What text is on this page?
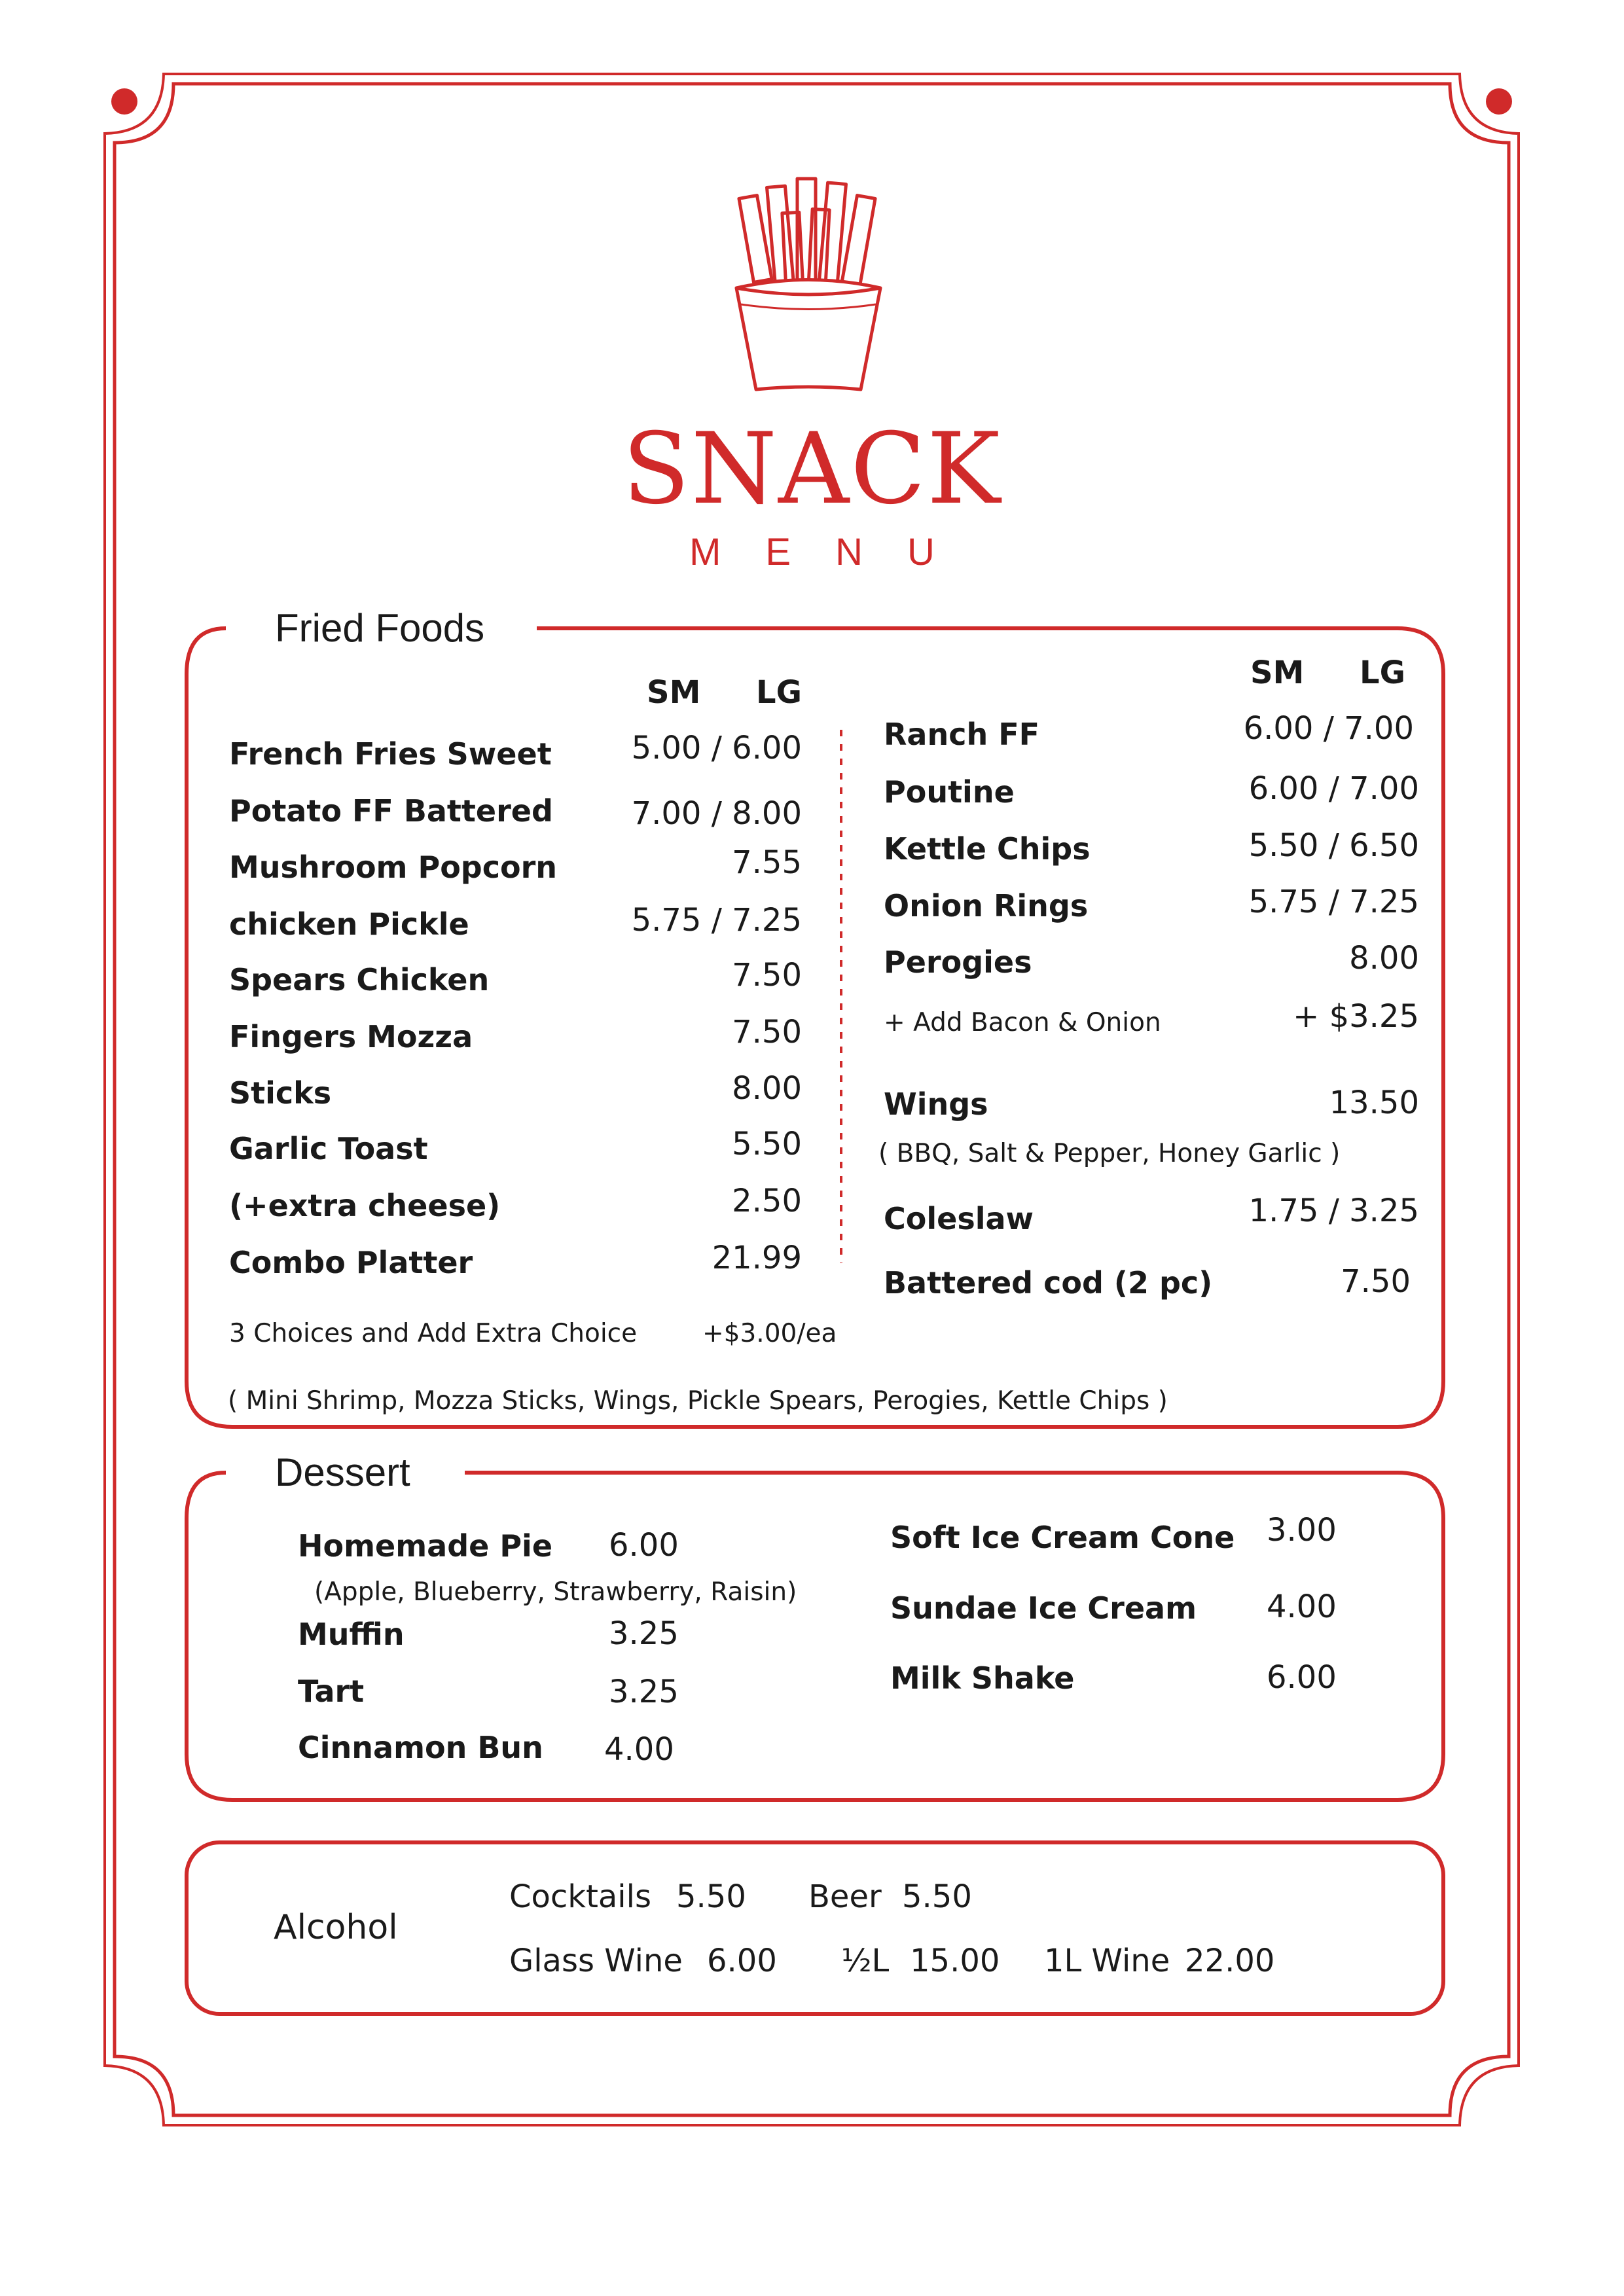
SNACK
MENU
Fried Foods
SM LG
SM LG
French Fries Sweet	5.00 / 6.00
Potato FF Battered	7.00 / 8.00
Mushroom Popcorn	7.55
chicken Pickle	5.75 / 7.25
Spears Chicken	7.50
Fingers Mozza	7.50
Sticks	8.00
Garlic Toast	5.50
(+extra cheese)	2.50
Combo Platter	21.99
3 Choices and Add Extra Choice	+$3.00/ea
( Mini Shrimp, Mozza Sticks, Wings, Pickle Spears, Perogies, Kettle Chips )
Ranch FF	6.00 / 7.00
Poutine	6.00 / 7.00
Kettle Chips	5.50 / 6.50
Onion Rings	5.75 / 7.25
Perogies	8.00
+ Add Bacon & Onion	+ $3.25
Wings	13.50
( BBQ, Salt & Pepper, Honey Garlic )
Coleslaw	1.75 / 3.25
Battered cod (2 pc)	7.50
Dessert
Homemade Pie 6.00
(Apple, Blueberry, Strawberry, Raisin)
Muffin	3.25
Tart	3.25
Cinnamon Bun 4.00
Soft Ice Cream Cone 3.00
Sundae Ice Cream 4.00
Milk Shake	6.00
Alcohol
Cocktails 5.50 Beer 5.50
Glass Wine 6.00 ½L 15.00 1L Wine 22.00
